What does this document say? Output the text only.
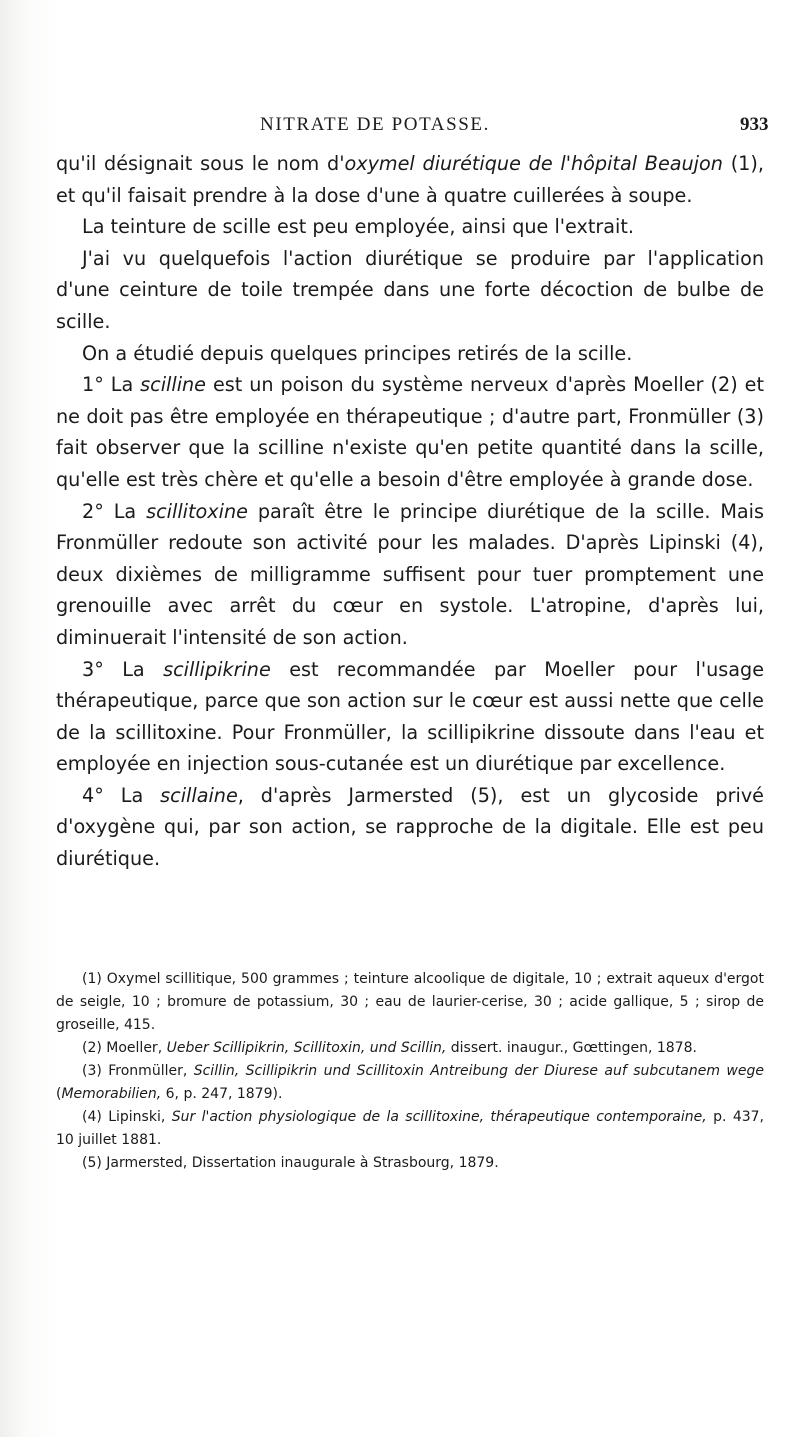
NITRATE DE POTASSE.	933

qu'il désignait sous le nom d'oxymel diurétique de l'hôpital Beaujon (1), et qu'il faisait prendre à la dose d'une à quatre cuillerées à soupe.

La teinture de scille est peu employée, ainsi que l'extrait.

J'ai vu quelquefois l'action diurétique se produire par l'application d'une ceinture de toile trempée dans une forte décoction de bulbe de scille.

On a étudié depuis quelques principes retirés de la scille.

1° La scilline est un poison du système nerveux d'après Moeller (2) et ne doit pas être employée en thérapeutique ; d'autre part, Fronmüller (3) fait observer que la scilline n'existe qu'en petite quantité dans la scille, qu'elle est très chère et qu'elle a besoin d'être employée à grande dose.

2° La scillitoxine paraît être le principe diurétique de la scille. Mais Fronmüller redoute son activité pour les malades. D'après Lipinski (4), deux dixièmes de milligramme suffisent pour tuer promptement une grenouille avec arrêt du cœur en systole. L'atropine, d'après lui, diminuerait l'intensité de son action.

3° La scillipikrine est recommandée par Moeller pour l'usage thérapeutique, parce que son action sur le cœur est aussi nette que celle de la scillitoxine. Pour Fronmüller, la scillipikrine dissoute dans l'eau et employée en injection sous-cutanée est un diurétique par excellence.

4° La scillaine, d'après Jarmersted (5), est un glycoside privé d'oxygène qui, par son action, se rapproche de la digitale. Elle est peu diurétique.

(1) Oxymel scillitique, 500 grammes ; teinture alcoolique de digitale, 10 ; extrait aqueux d'ergot de seigle, 10 ; bromure de potassium, 30 ; eau de laurier-cerise, 30 ; acide gallique, 5 ; sirop de groseille, 415.

(2) Moeller, Ueber Scillipikrin, Scillitoxin, und Scillin, dissert. inaugur., Gœttingen, 1878.

(3) Fronmüller, Scillin, Scillipikrin und Scillitoxin Antreibung der Diurese auf subcutanem wege (Memorabilien, 6, p. 247, 1879).

(4) Lipinski, Sur l'action physiologique de la scillitoxine, thérapeutique contemporaine, p. 437, 10 juillet 1881.

(5) Jarmersted, Dissertation inaugurale à Strasbourg, 1879.
